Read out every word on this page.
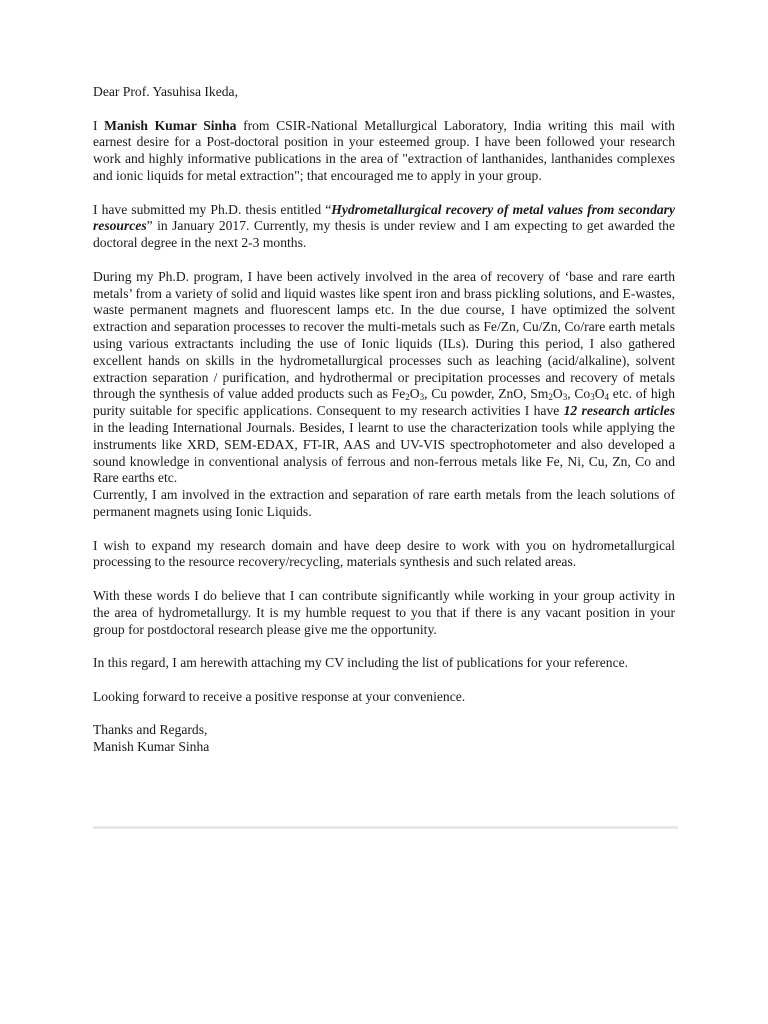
Dear Prof. Yasuhisa Ikeda,

I Manish Kumar Sinha from CSIR-National Metallurgical Laboratory, India writing this mail with earnest desire for a Post-doctoral position in your esteemed group. I have been followed your research work and highly informative publications in the area of "extraction of lanthanides, lanthanides complexes and ionic liquids for metal extraction"; that encouraged me to apply in your group.

I have submitted my Ph.D. thesis entitled “Hydrometallurgical recovery of metal values from secondary resources” in January 2017. Currently, my thesis is under review and I am expecting to get awarded the doctoral degree in the next 2-3 months.

During my Ph.D. program, I have been actively involved in the area of recovery of ‘base and rare earth metals’ from a variety of solid and liquid wastes like spent iron and brass pickling solutions, and E-wastes, waste permanent magnets and fluorescent lamps etc. In the due course, I have optimized the solvent extraction and separation processes to recover the multi-metals such as Fe/Zn, Cu/Zn, Co/rare earth metals using various extractants including the use of Ionic liquids (ILs). During this period, I also gathered excellent hands on skills in the hydrometallurgical processes such as leaching (acid/alkaline), solvent extraction separation / purification, and hydrothermal or precipitation processes and recovery of metals through the synthesis of value added products such as $Fe_2O_3$, Cu powder, ZnO, $Sm_2O_3$, $Co_3O_4$ etc. of high purity suitable for specific applications. Consequent to my research activities I have 12 research articles in the leading International Journals. Besides, I learnt to use the characterization tools while applying the instruments like XRD, SEM-EDAX, FT-IR, AAS and UV-VIS spectrophotometer and also developed a sound knowledge in conventional analysis of ferrous and non-ferrous metals like Fe, Ni, Cu, Zn, Co and Rare earths etc.

Currently, I am involved in the extraction and separation of rare earth metals from the leach solutions of permanent magnets using Ionic Liquids.

I wish to expand my research domain and have deep desire to work with you on hydrometallurgical processing to the resource recovery/recycling, materials synthesis and such related areas.

With these words I do believe that I can contribute significantly while working in your group activity in the area of hydrometallurgy. It is my humble request to you that if there is any vacant position in your group for postdoctoral research please give me the opportunity.

In this regard, I am herewith attaching my CV including the list of publications for your reference.

Looking forward to receive a positive response at your convenience.

Thanks and Regards,
Manish Kumar Sinha
